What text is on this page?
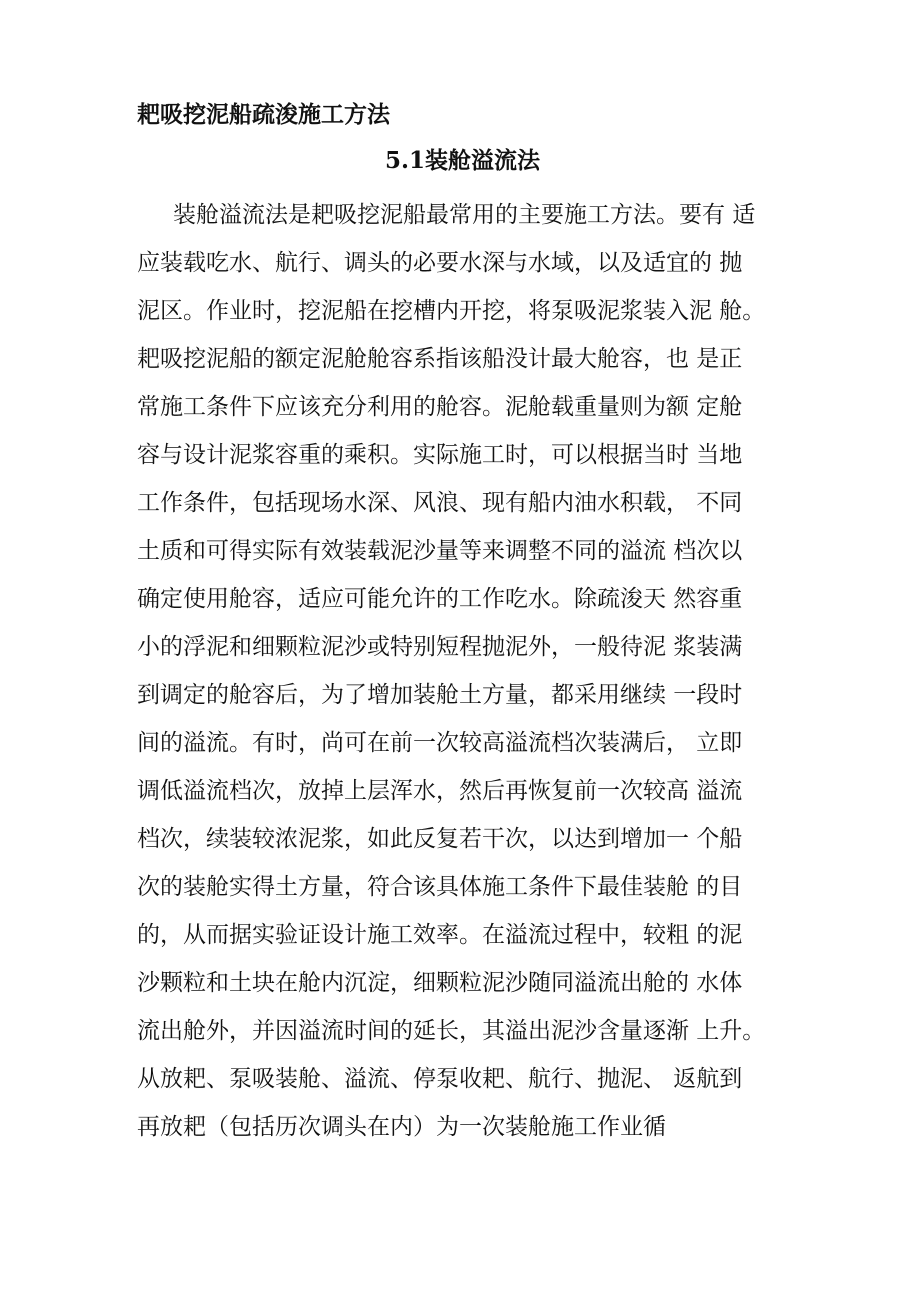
耙吸挖泥船疏浚施工方法
5.1装舱溢流法
装舱溢流法是耙吸挖泥船最常用的主要施工方法。要有 适
应装载吃水、航行、调头的必要水深与水域，以及适宜的 抛
泥区。作业时，挖泥船在挖槽内开挖，将泵吸泥浆装入泥 舱。
耙吸挖泥船的额定泥舱舱容系指该船没计最大舱容，也 是正
常施工条件下应该充分利用的舱容。泥舱载重量则为额 定舱
容与设计泥浆容重的乘积。实际施工时，可以根据当时 当地
工作条件，包括现场水深、风浪、现有船内油水积载， 不同
土质和可得实际有效装载泥沙量等来调整不同的溢流 档次以
确定使用舱容，适应可能允许的工作吃水。除疏浚天 然容重
小的浮泥和细颗粒泥沙或特别短程抛泥外，一般待泥 浆装满
到调定的舱容后，为了增加装舱土方量，都采用继续 一段时
间的溢流。有时，尚可在前一次较高溢流档次装满后， 立即
调低溢流档次，放掉上层浑水，然后再恢复前一次较高 溢流
档次，续装较浓泥浆，如此反复若干次，以达到增加一 个船
次的装舱实得土方量，符合该具体施工条件下最佳装舱 的目
的，从而据实验证设计施工效率。在溢流过程中，较粗 的泥
沙颗粒和土块在舱内沉淀，细颗粒泥沙随同溢流出舱的 水体
流出舱外，并因溢流时间的延长，其溢出泥沙含量逐渐 上升。
从放耙、泵吸装舱、溢流、停泵收耙、航行、抛泥、 返航到
再放耙（包括历次调头在内）为一次装舱施工作业循
